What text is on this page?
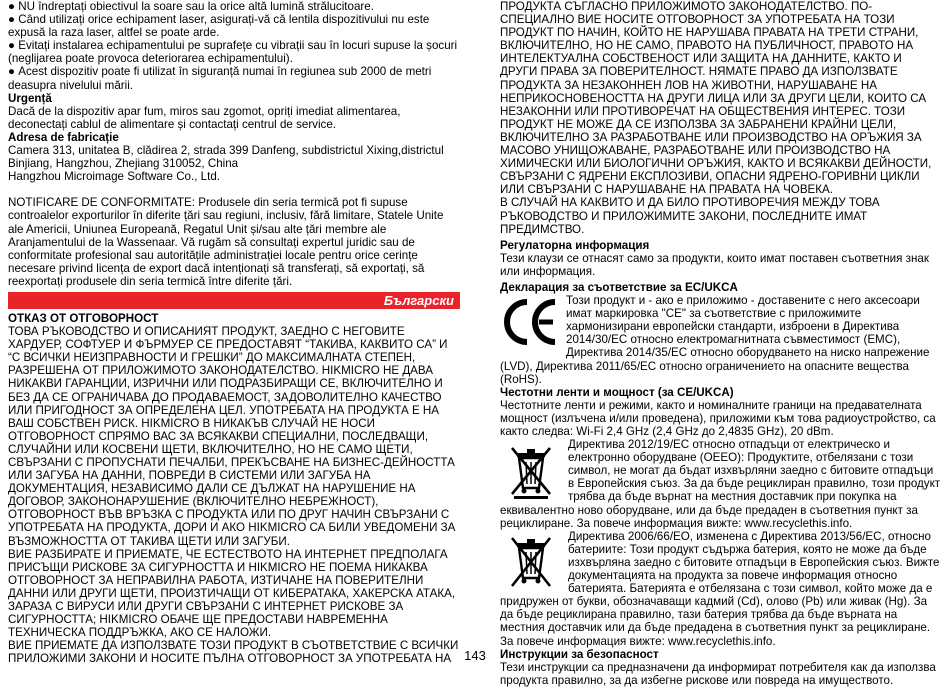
● NU îndreptați obiectivul la soare sau la orice altă lumină strălucitoare.

● Când utilizați orice echipament laser, asigurați-vă că lentila dispozitivului nu este expusă la raza laser, altfel se poate arde.

● Evitați instalarea echipamentului pe suprafețe cu vibrații sau în locuri supuse la șocuri (neglijarea poate provoca deteriorarea echipamentului).

● Acest dispozitiv poate fi utilizat în siguranță numai în regiunea sub 2000 de metri deasupra nivelului mării.

Urgență

Dacă de la dispozitiv apar fum, miros sau zgomot, opriți imediat alimentarea, deconectați cablul de alimentare și contactați centrul de service.

Adresa de fabricație

Camera 313, unitatea B, clădirea 2, strada 399 Danfeng, subdistrictul Xixing,districtul Binjiang, Hangzhou, Zhejiang 310052, China

Hangzhou Microimage Software Co., Ltd.

NOTIFICARE DE CONFORMITATE: Produsele din seria termică pot fi supuse controalelor exporturilor în diferite țări sau regiuni, inclusiv, fără limitare, Statele Unite ale Americii, Uniunea Europeană, Regatul Unit și/sau alte țări membre ale Aranjamentului de la Wassenaar. Vă rugăm să consultați expertul juridic sau de conformitate profesional sau autoritățile administrației locale pentru orice cerințe necesare privind licența de export dacă intenționați să transferați, să exportați, să reexportați produsele din seria termică între diferite țări.

Български

ОТКАЗ ОТ ОТГОВОРНОСТ

ТОВА РЪКОВОДСТВО И ОПИСАНИЯТ ПРОДУКТ, ЗАЕДНО С НЕГОВИТЕ ХАРДУЕР, СОФТУЕР И ФЪРМУЕР СЕ ПРЕДОСТАВЯТ “ТАКИВА, КАКВИТО СА” И “С ВСИЧКИ НЕИЗПРАВНОСТИ И ГРЕШКИ” ДО МАКСИМАЛНАТА СТЕПЕН, РАЗРЕШЕНА ОТ ПРИЛОЖИМОТО ЗАКОНОДАТЕЛСТВО. HIKMICRO НЕ ДАВА НИКАКВИ ГАРАНЦИИ, ИЗРИЧНИ ИЛИ ПОДРАЗБИРАЩИ СЕ, ВКЛЮЧИТЕЛНО И БЕЗ ДА СЕ ОГРАНИЧАВА ДО ПРОДАВАЕМОСТ, ЗАДОВОЛИТЕЛНО КАЧЕСТВО ИЛИ ПРИГОДНОСТ ЗА ОПРЕДЕЛЕНА ЦЕЛ. УПОТРЕБАТА НА ПРОДУКТА Е НА ВАШ СОБСТВЕН РИСК. HIKMICRO В НИКАКЪВ СЛУЧАЙ НЕ НОСИ ОТГОВОРНОСТ СПРЯМО ВАС ЗА ВСЯКАКВИ СПЕЦИАЛНИ, ПОСЛЕДВАЩИ, СЛУЧАЙНИ ИЛИ КОСВЕНИ ЩЕТИ, ВКЛЮЧИТЕЛНО, НО НЕ САМО ЩЕТИ, СВЪРЗАНИ С ПРОПУСНАТИ ПЕЧАЛБИ, ПРЕКЪСВАНЕ НА БИЗНЕС-ДЕЙНОСТТА ИЛИ ЗАГУБА НА ДАННИ, ПОВРЕДИ В СИСТЕМИ ИЛИ ЗАГУБА НА ДОКУМЕНТАЦИЯ, НЕЗАВИСИМО ДАЛИ СЕ ДЪЛЖАТ НА НАРУШЕНИЕ НА ДОГОВОР, ЗАКОНОНАРУШЕНИЕ (ВКЛЮЧИТЕЛНО НЕБРЕЖНОСТ), ОТГОВОРНОСТ ВЪВ ВРЪЗКА С ПРОДУКТА ИЛИ ПО ДРУГ НАЧИН СВЪРЗАНИ С УПОТРЕБАТА НА ПРОДУКТА, ДОРИ И АКО HIKMICRO СА БИЛИ УВЕДОМЕНИ ЗА ВЪЗМОЖНОСТТА ОТ ТАКИВА ЩЕТИ ИЛИ ЗАГУБИ.

ВИЕ РАЗБИРАТЕ И ПРИЕМАТЕ, ЧЕ ЕСТЕСТВОТО НА ИНТЕРНЕТ ПРЕДПОЛАГА ПРИСЪЩИ РИСКОВЕ ЗА СИГУРНОСТТА И HIKMICRO НЕ ПОЕМА НИКАКВА ОТГОВОРНОСТ ЗА НЕПРАВИЛНА РАБОТА, ИЗТИЧАНЕ НА ПОВЕРИТЕЛНИ ДАННИ ИЛИ ДРУГИ ЩЕТИ, ПРОИЗТИЧАЩИ ОТ КИБЕРАТАКА, ХАКЕРСКА АТАКА, ЗАРАЗА С ВИРУСИ ИЛИ ДРУГИ СВЪРЗАНИ С ИНТЕРНЕТ РИСКОВЕ ЗА СИГУРНОСТТА; HIKMICRO ОБАЧЕ ЩЕ ПРЕДОСТАВИ НАВРЕМЕННА ТЕХНИЧЕСКА ПОДДРЪЖКА, АКО СЕ НАЛОЖИ.

ВИЕ ПРИЕМАТЕ ДА ИЗПОЛЗВАТЕ ТОЗИ ПРОДУКТ В СЪОТВЕТСТВИЕ С ВСИЧКИ ПРИЛОЖИМИ ЗАКОНИ И НОСИТЕ ПЪЛНА ОТГОВОРНОСТ ЗА УПОТРЕБАТА НА

ПРОДУКТА СЪГЛАСНО ПРИЛОЖИМОТО ЗАКОНОДАТЕЛСТВО. ПО-СПЕЦИАЛНО ВИЕ НОСИТЕ ОТГОВОРНОСТ ЗА УПОТРЕБАТА НА ТОЗИ ПРОДУКТ ПО НАЧИН, КОЙТО НЕ НАРУШАВА ПРАВАТА НА ТРЕТИ СТРАНИ, ВКЛЮЧИТЕЛНО, НО НЕ САМО, ПРАВОТО НА ПУБЛИЧНОСТ, ПРАВОТО НА ИНТЕЛЕКТУАЛНА СОБСТВЕНОСТ ИЛИ ЗАЩИТА НА ДАННИТЕ, КАКТО И ДРУГИ ПРАВА ЗА ПОВЕРИТЕЛНОСТ. НЯМАТЕ ПРАВО ДА ИЗПОЛЗВАТЕ ПРОДУКТА ЗА НЕЗАКОННЕН ЛОВ НА ЖИВОТНИ, НАРУШАВАНЕ НА НЕПРИКОСНОВЕНОСТТА НА ДРУГИ ЛИЦА ИЛИ ЗА ДРУГИ ЦЕЛИ, КОИТО СА НЕЗАКОННИ ИЛИ ПРОТИВОРЕЧАТ НА ОБЩЕСТВЕНИЯ ИНТЕРЕС. ТОЗИ ПРОДУКТ НЕ МОЖЕ ДА СЕ ИЗПОЛЗВА ЗА ЗАБРАНЕНИ КРАЙНИ ЦЕЛИ, ВКЛЮЧИТЕЛНО ЗА РАЗРАБОТВАНЕ ИЛИ ПРОИЗВОДСТВО НА ОРЪЖИЯ ЗА МАСОВО УНИЩОЖАВАНЕ, РАЗРАБОТВАНЕ ИЛИ ПРОИЗВОДСТВО НА ХИМИЧЕСКИ ИЛИ БИОЛОГИЧНИ ОРЪЖИЯ, КАКТО И ВСЯКАКВИ ДЕЙНОСТИ, СВЪРЗАНИ С ЯДРЕНИ ЕКСПЛОЗИВИ, ОПАСНИ ЯДРЕНО-ГОРИВНИ ЦИКЛИ ИЛИ СВЪРЗАНИ С НАРУШАВАНЕ НА ПРАВАТА НА ЧОВЕКА.

В СЛУЧАЙ НА КАКВИТО И ДА БИЛО ПРОТИВОРЕЧИЯ МЕЖДУ ТОВА РЪКОВОДСТВО И ПРИЛОЖИМИТЕ ЗАКОНИ, ПОСЛЕДНИТЕ ИМАТ ПРЕДИМСТВО.

Регулаторна информация

Тези клаузи се отнасят само за продукти, които имат поставен съответния знак или информация.

Декларация за съответствие за ЕС/UKCA

Този продукт и - ако е приложимо - доставените с него аксесоари имат маркировка "CE" за съответствие с приложимите хармонизирани европейски стандарти, изброени в Директива 2014/30/EC относно електромагнитната съвместимост (EMC), Директива 2014/35/EC относно оборудването на ниско напрежение (LVD), Директива 2011/65/EC относно ограничението на опасните вещества (RoHS).

Честотни ленти и мощност (за CE/UKCA)

Честотните ленти и режими, както и номиналните граници на предавателната мощност (излъчена и/или проведена), приложими към това радиоустройство, са както следва: Wi-Fi 2,4 GHz (2,4 GHz до 2,4835 GHz), 20 dBm.

Директива 2012/19/EC относно отпадъци от електрическо и електронно оборудване (ОЕЕО): Продуктите, отбелязани с този символ, не могат да бъдат изхвърляни заедно с битовите отпадъци в Европейския съюз. За да бъде рециклиран правилно, този продукт трябва да бъде върнат на местния доставчик при покупка на еквивалентно ново оборудване, или да бъде предаден в съответния пункт за рециклиране. За повече информация вижте: www.recyclethis.info.

Директива 2006/66/EO, изменена с Директива 2013/56/EC, относно батериите: Този продукт съдържа батерия, която не може да бъде изхвърляна заедно с битовите отпадъци в Европейския съюз. Вижте документацията на продукта за повече информация относно батерията. Батерията е отбелязана с този символ, който може да е придружен от букви, обозначаващи кадмий (Cd), олово (Pb) или живак (Hg). За да бъде рециклирана правилно, тази батерия трябва да бъде върната на местния доставчик или да бъде предадена в съответния пункт за рециклиране. За повече информация вижте: www.recyclethis.info.

Инструкции за безопасност

Тези инструкции са предназначени да информират потребителя как да използва продукта правилно, за да избегне рискове или повреда на имуществото.

143
